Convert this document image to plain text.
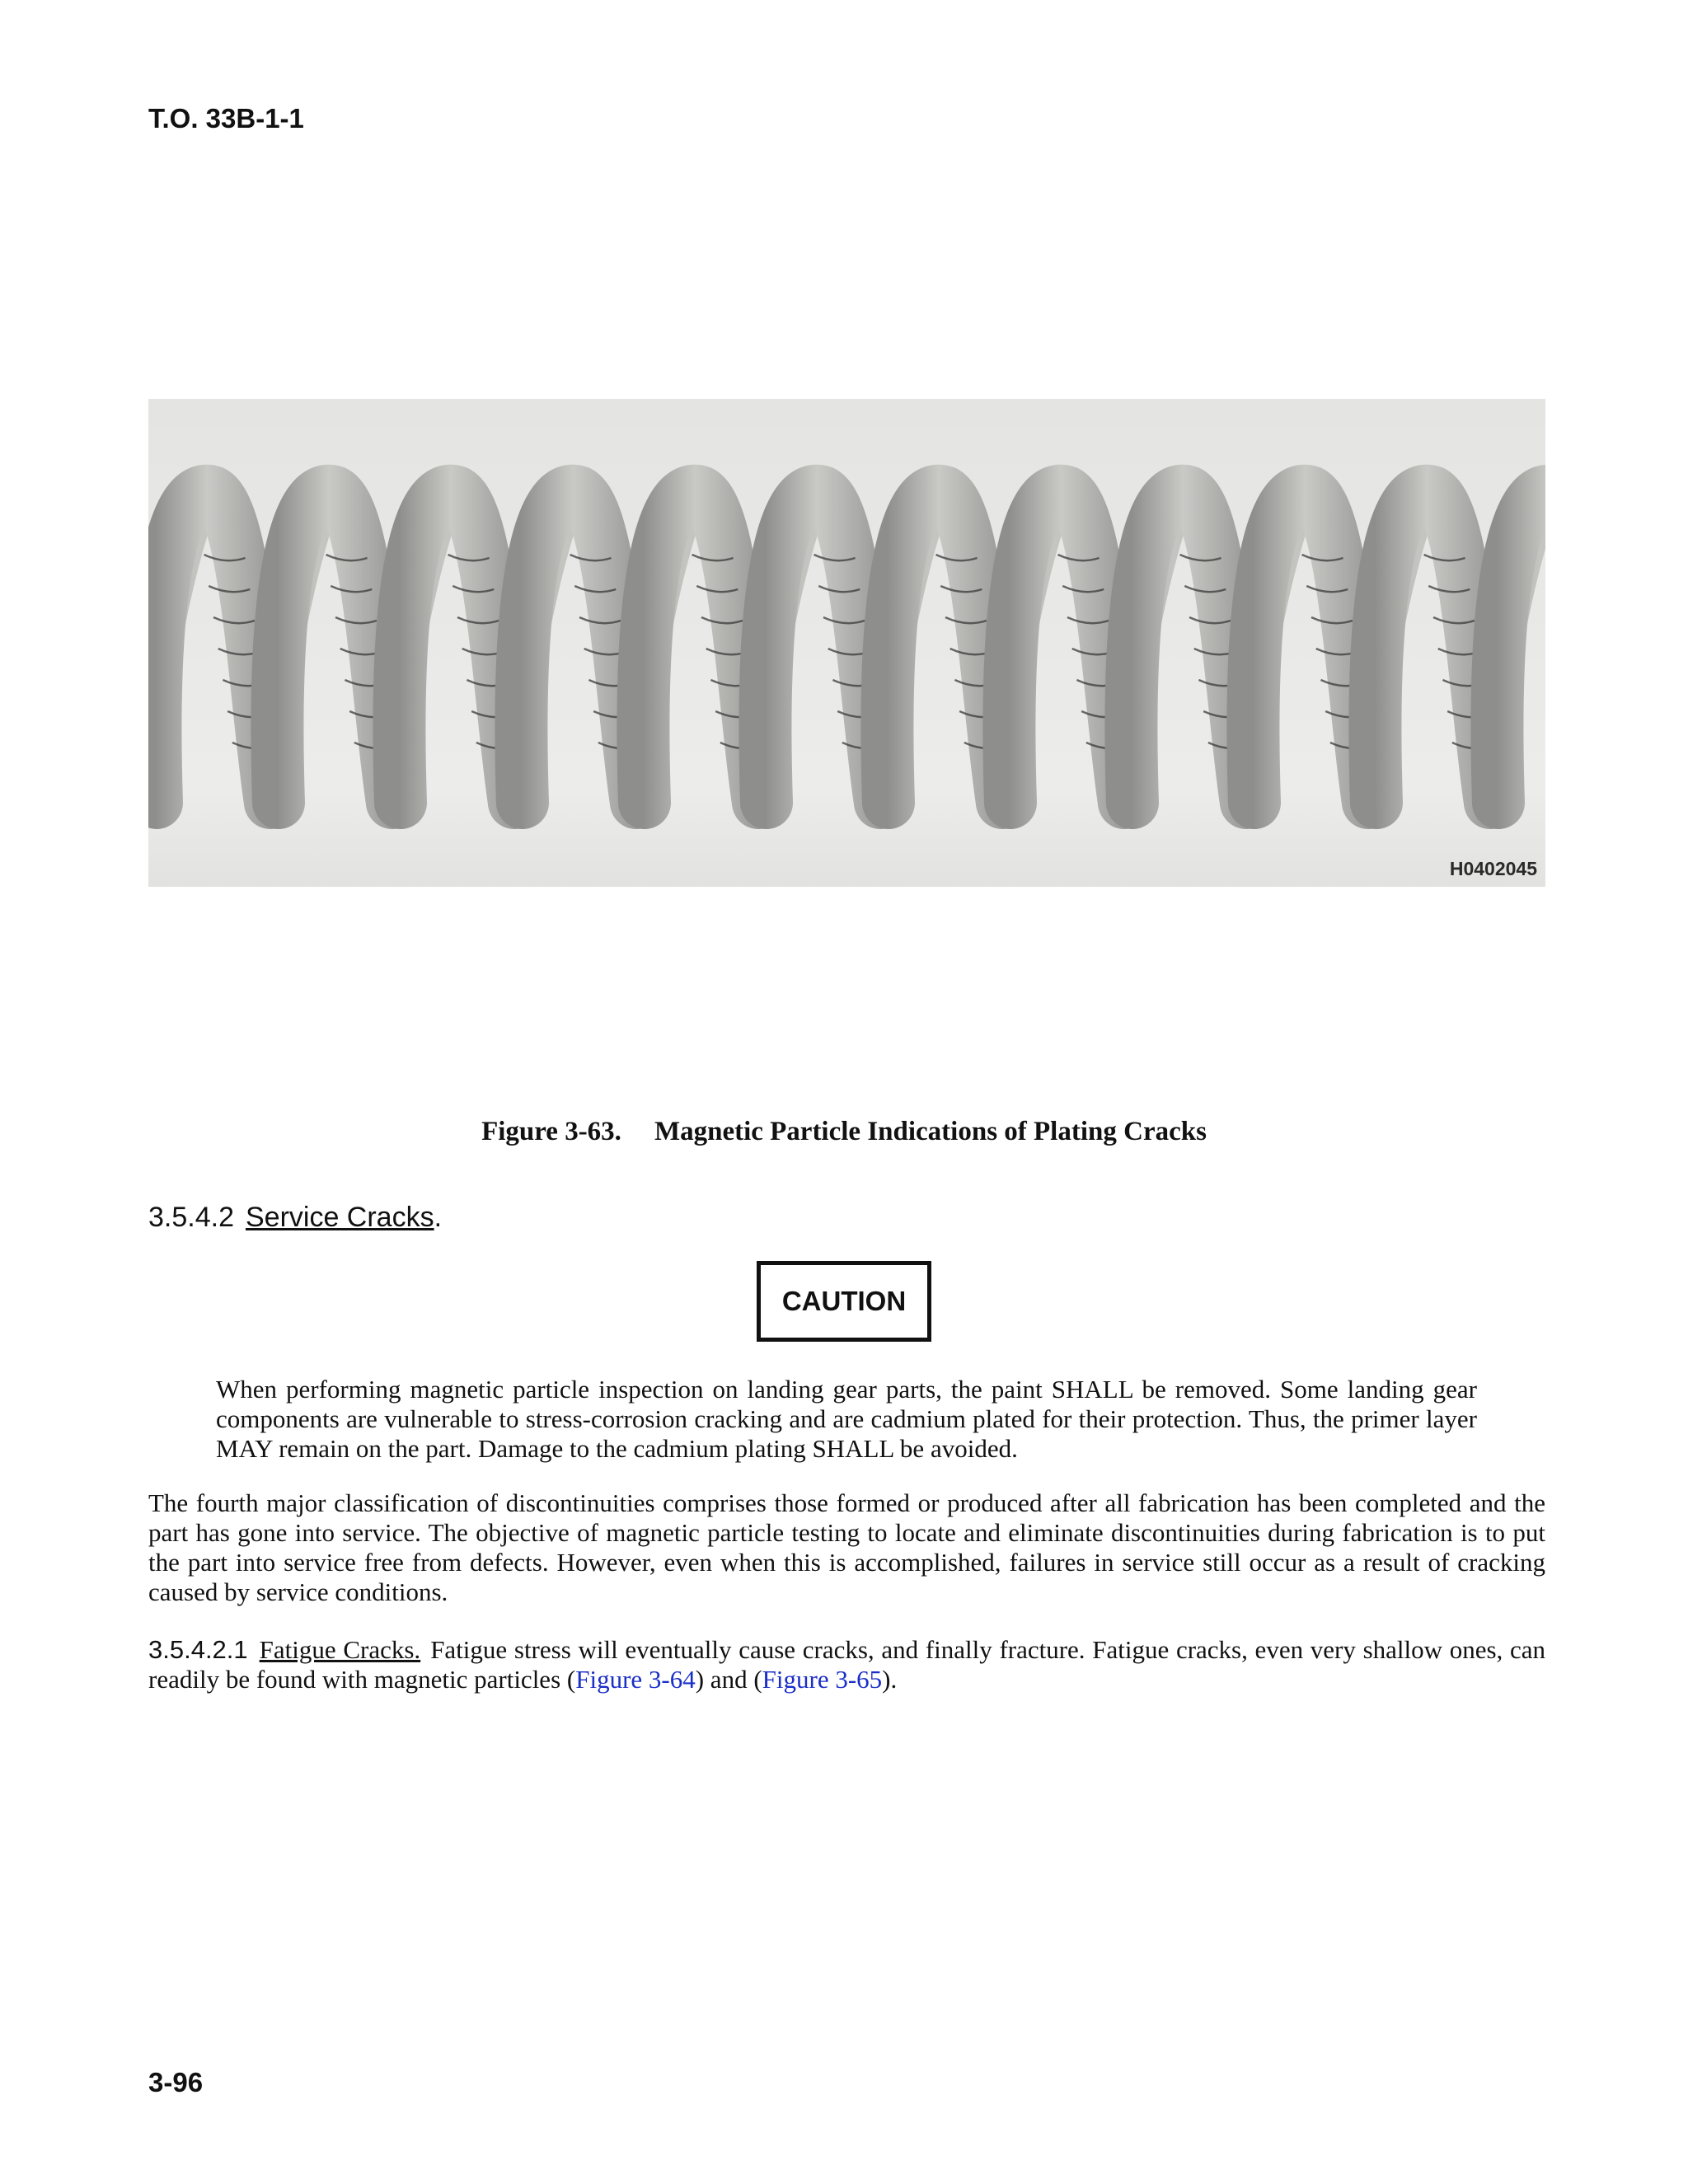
T.O. 33B-1-1
H0402045
Figure 3-63. Magnetic Particle Indications of Plating Cracks
3.5.4.2 Service Cracks.
CAUTION
When performing magnetic particle inspection on landing gear parts, the paint SHALL be removed. Some landing gear components are vulnerable to stress-corrosion cracking and are cadmium plated for their protection. Thus, the primer layer MAY remain on the part. Damage to the cadmium plating SHALL be avoided.
The fourth major classification of discontinuities comprises those formed or produced after all fabrication has been completed and the part has gone into service. The objective of magnetic particle testing to locate and eliminate discontinuities during fabrication is to put the part into service free from defects. However, even when this is accomplished, failures in service still occur as a result of cracking caused by service conditions.
3.5.4.2.1 Fatigue Cracks. Fatigue stress will eventually cause cracks, and finally fracture. Fatigue cracks, even very shallow ones, can readily be found with magnetic particles (Figure 3-64) and (Figure 3-65).
3-96
